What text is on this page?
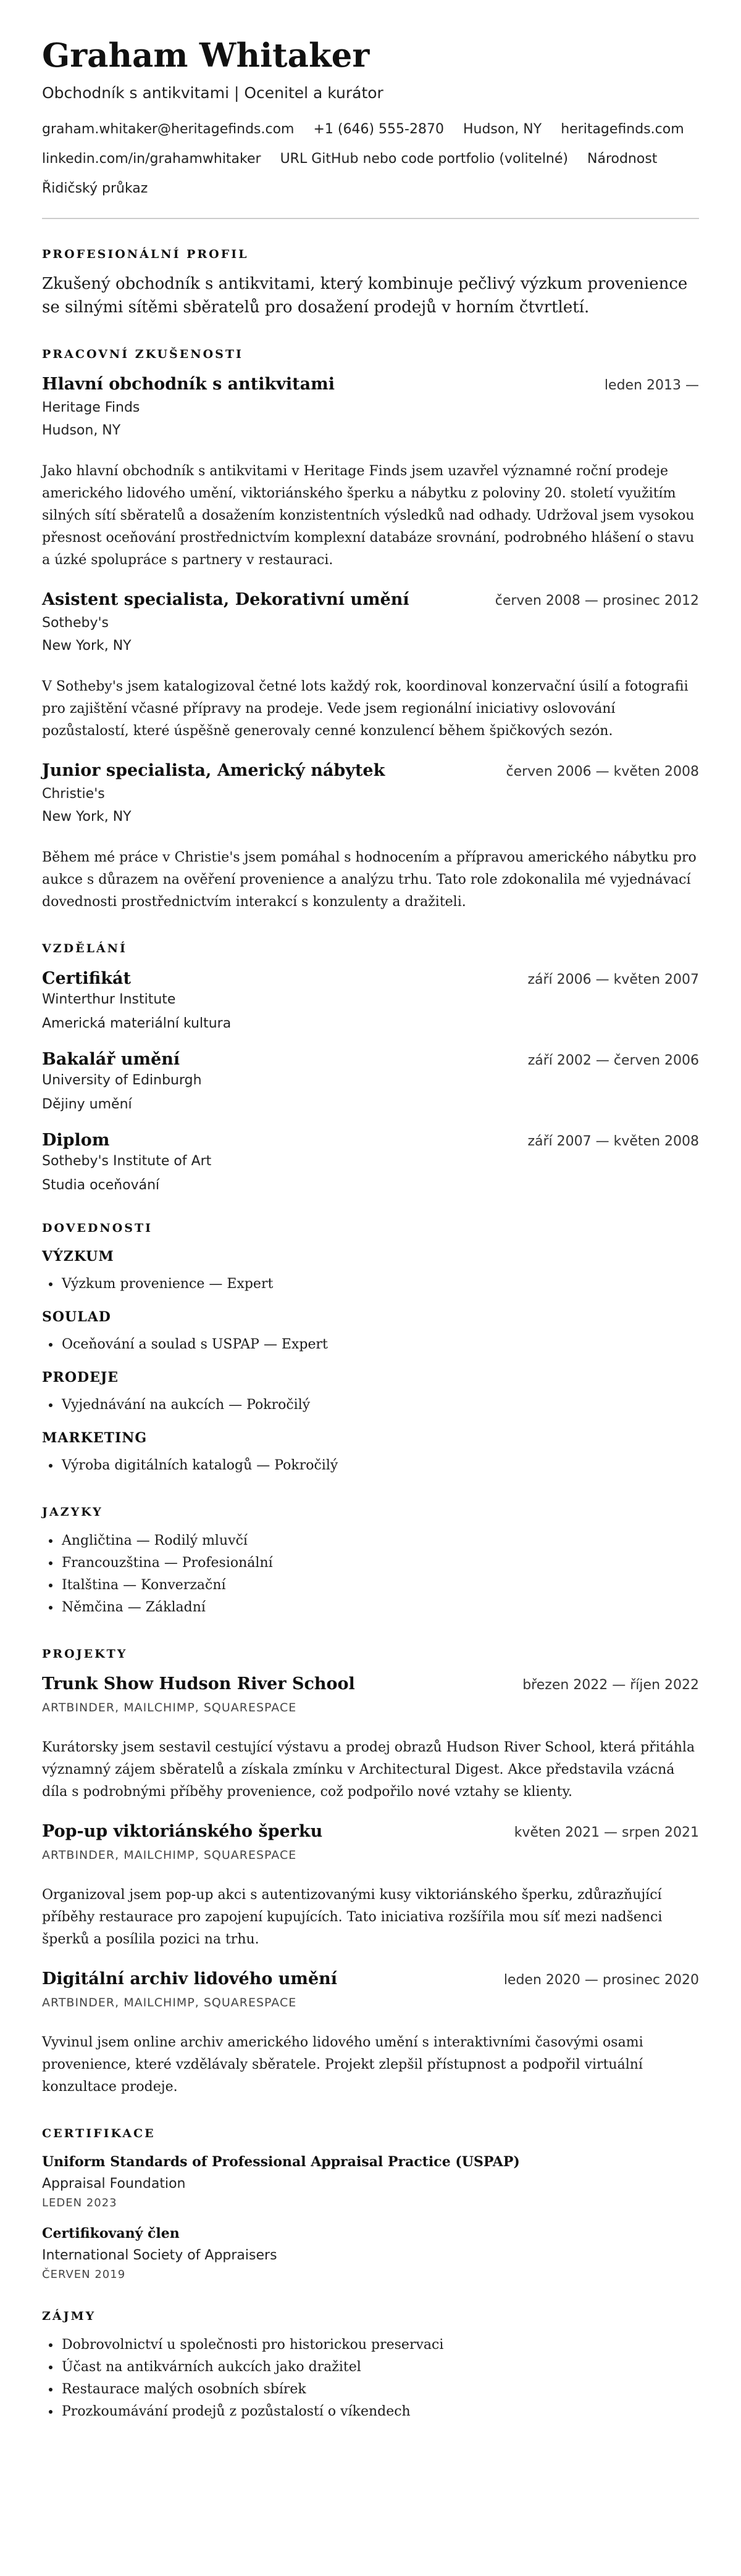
Graham Whitaker
Obchodník s antikvitami | Ocenitel a kurátor
graham.whitaker@heritagefinds.com +1 (646) 555-2870 Hudson, NY heritagefinds.com
linkedin.com/in/grahamwhitaker URL GitHub nebo code portfolio (volitelné) Národnost
Řidičský průkaz
PROFESIONÁLNÍ PROFIL
Zkušený obchodník s antikvitami, který kombinuje pečlivý výzkum provenience se silnými sítěmi sběratelů pro dosažení prodejů v horním čtvrtletí.
PRACOVNÍ ZKUŠENOSTI
Hlavní obchodník s antikvitami	leden 2013 —
Heritage Finds
Hudson, NY
Jako hlavní obchodník s antikvitami v Heritage Finds jsem uzavřel významné roční prodeje amerického lidového umění, viktoriánského šperku a nábytku z poloviny 20. století využitím silných sítí sběratelů a dosažením konzistentních výsledků nad odhady. Udržoval jsem vysokou přesnost oceňování prostřednictvím komplexní databáze srovnání, podrobného hlášení o stavu a úzké spolupráce s partnery v restauraci.
Asistent specialista, Dekorativní umění	červen 2008 — prosinec 2012
Sotheby's
New York, NY
V Sotheby's jsem katalogizoval četné lots každý rok, koordinoval konzervační úsilí a fotografii pro zajištění včasné přípravy na prodeje. Vede jsem regionální iniciativy oslovování pozůstalostí, které úspěšně generovaly cenné konzulencí během špičkových sezón.
Junior specialista, Americký nábytek	červen 2006 — květen 2008
Christie's
New York, NY
Během mé práce v Christie's jsem pomáhal s hodnocením a přípravou amerického nábytku pro aukce s důrazem na ověření provenience a analýzu trhu. Tato role zdokonalila mé vyjednávací dovednosti prostřednictvím interakcí s konzulenty a dražiteli.
VZDĚLÁNÍ
Certifikát	září 2006 — květen 2007
Winterthur Institute
Americká materiální kultura
Bakalář umění	září 2002 — červen 2006
University of Edinburgh
Dějiny umění
Diplom	září 2007 — květen 2008
Sotheby's Institute of Art
Studia oceňování
DOVEDNOSTI
VÝZKUM
• Výzkum provenience — Expert
SOULAD
• Oceňování a soulad s USPAP — Expert
PRODEJE
• Vyjednávání na aukcích — Pokročilý
MARKETING
• Výroba digitálních katalogů — Pokročilý
JAZYKY
• Angličtina — Rodilý mluvčí
• Francouzština — Profesionální
• Italština — Konverzační
• Němčina — Základní
PROJEKTY
Trunk Show Hudson River School	březen 2022 — říjen 2022
ARTBINDER, MAILCHIMP, SQUARESPACE
Kurátorsky jsem sestavil cestující výstavu a prodej obrazů Hudson River School, která přitáhla významný zájem sběratelů a získala zmínku v Architectural Digest. Akce představila vzácná díla s podrobnými příběhy provenience, což podpořilo nové vztahy se klienty.
Pop-up viktoriánského šperku	květen 2021 — srpen 2021
ARTBINDER, MAILCHIMP, SQUARESPACE
Organizoval jsem pop-up akci s autentizovanými kusy viktoriánského šperku, zdůrazňující příběhy restaurace pro zapojení kupujících. Tato iniciativa rozšířila mou síť mezi nadšenci šperků a posílila pozici na trhu.
Digitální archiv lidového umění	leden 2020 — prosinec 2020
ARTBINDER, MAILCHIMP, SQUARESPACE
Vyvinul jsem online archiv amerického lidového umění s interaktivními časovými osami provenience, které vzdělávaly sběratele. Projekt zlepšil přístupnost a podpořil virtuální konzultace prodeje.
CERTIFIKACE
Uniform Standards of Professional Appraisal Practice (USPAP)
Appraisal Foundation
LEDEN 2023
Certifikovaný člen
International Society of Appraisers
ČERVEN 2019
ZÁJMY
• Dobrovolnictví u společnosti pro historickou preservaci
• Účast na antikvárních aukcích jako dražitel
• Restaurace malých osobních sbírek
• Prozkoumávání prodejů z pozůstalostí o víkendech
